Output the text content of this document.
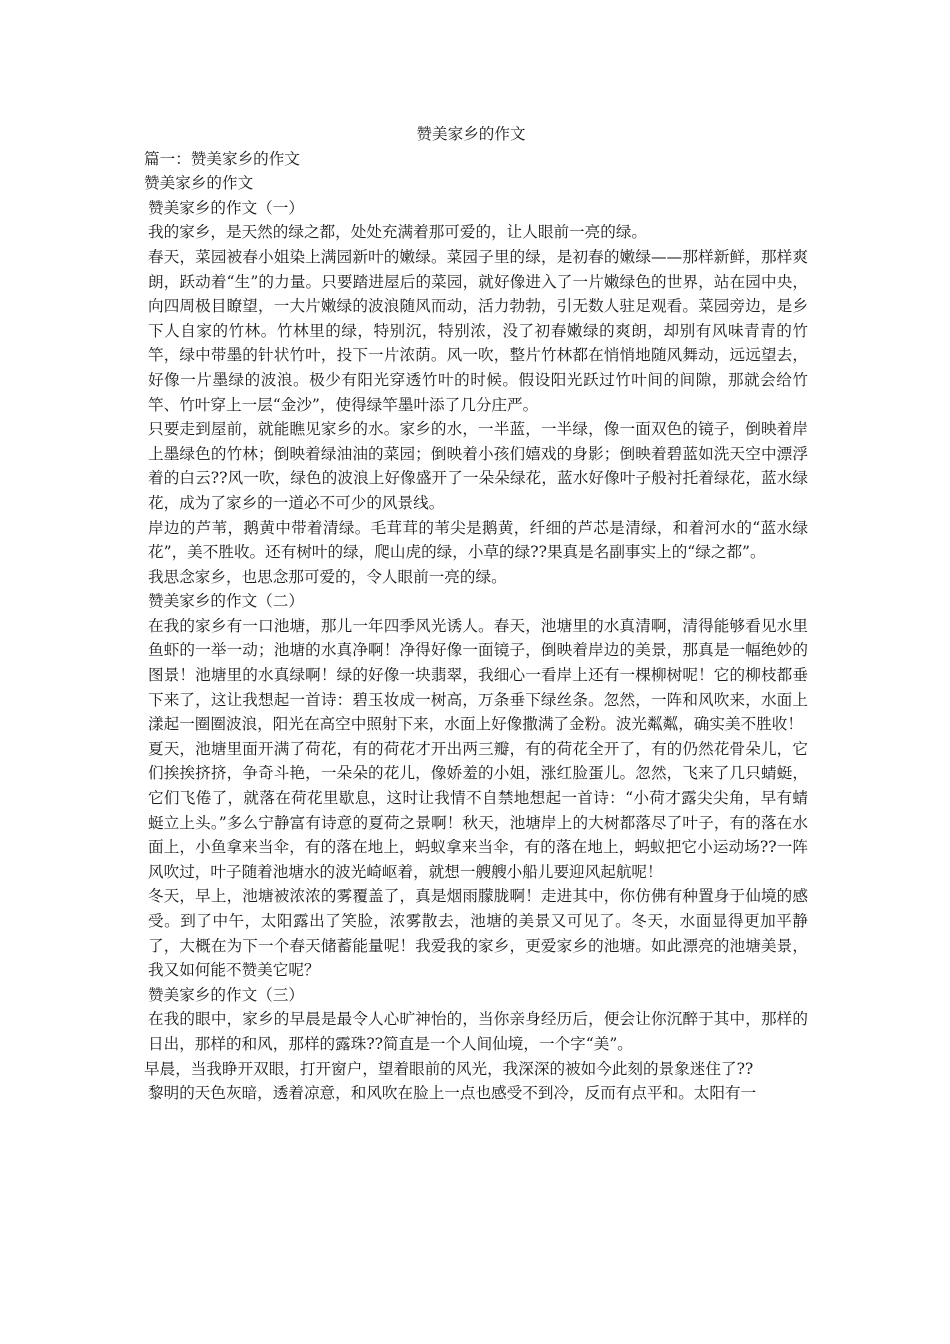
赞美家乡的作文

篇一：赞美家乡的作文

赞美家乡的作文

赞美家乡的作文（一）

我的家乡，是天然的绿之都，处处充满着那可爱的，让人眼前一亮的绿。

春天，菜园被春小姐染上满园新叶的嫩绿。菜园子里的绿，是初春的嫩绿——那样新鲜，那样爽朗，跃动着“生”的力量。只要踏进屋后的菜园，就好像进入了一片嫩绿色的世界，站在园中央，向四周极目瞭望，一大片嫩绿的波浪随风而动，活力勃勃，引无数人驻足观看。菜园旁边，是乡下人自家的竹林。竹林里的绿，特别沉，特别浓，没了初春嫩绿的爽朗，却别有风味青青的竹竿，绿中带墨的针状竹叶，投下一片浓荫。风一吹，整片竹林都在悄悄地随风舞动，远远望去，好像一片墨绿的波浪。极少有阳光穿透竹叶的时候。假设阳光跃过竹叶间的间隙，那就会给竹竿、竹叶穿上一层“金沙”，使得绿竿墨叶添了几分庄严。

只要走到屋前，就能瞧见家乡的水。家乡的水，一半蓝，一半绿，像一面双色的镜子，倒映着岸上墨绿色的竹林；倒映着绿油油的菜园；倒映着小孩们嬉戏的身影；倒映着碧蓝如洗天空中漂浮着的白云??风一吹，绿色的波浪上好像盛开了一朵朵绿花，蓝水好像叶子般衬托着绿花，蓝水绿花，成为了家乡的一道必不可少的风景线。

岸边的芦苇，鹅黄中带着清绿。毛茸茸的苇尖是鹅黄，纤细的芦芯是清绿，和着河水的“蓝水绿花”，美不胜收。还有树叶的绿，爬山虎的绿，小草的绿??果真是名副事实上的“绿之都”。

我思念家乡，也思念那可爱的，令人眼前一亮的绿。

赞美家乡的作文（二）

在我的家乡有一口池塘，那儿一年四季风光诱人。春天，池塘里的水真清啊，清得能够看见水里鱼虾的一举一动；池塘的水真净啊！净得好像一面镜子，倒映着岸边的美景，那真是一幅绝妙的图景！池塘里的水真绿啊！绿的好像一块翡翠，我细心一看岸上还有一棵柳树呢！它的柳枝都垂下来了，这让我想起一首诗：碧玉妆成一树高，万条垂下绿丝条。忽然，一阵和风吹来，水面上漾起一圈圈波浪，阳光在高空中照射下来，水面上好像撒满了金粉。波光粼粼，确实美不胜收！

夏天，池塘里面开满了荷花，有的荷花才开出两三瓣，有的荷花全开了，有的仍然花骨朵儿，它们挨挨挤挤，争奇斗艳，一朵朵的花儿，像娇羞的小姐，涨红脸蛋儿。忽然，飞来了几只蜻蜓，它们飞倦了，就落在荷花里歇息，这时让我情不自禁地想起一首诗：“小荷才露尖尖角，早有蜻蜓立上头。”多么宁静富有诗意的夏荷之景啊！秋天，池塘岸上的大树都落尽了叶子，有的落在水面上，小鱼拿来当伞，有的落在地上，蚂蚁拿来当伞，有的落在地上，蚂蚁把它小运动场??一阵风吹过，叶子随着池塘水的波光崎岖着，就想一艘艘小船儿要迎风起航呢！

冬天，早上，池塘被浓浓的雾覆盖了，真是烟雨朦胧啊！走进其中，你仿佛有种置身于仙境的感受。到了中午，太阳露出了笑脸，浓雾散去，池塘的美景又可见了。冬天，水面显得更加平静了，大概在为下一个春天储蓄能量呢！我爱我的家乡，更爱家乡的池塘。如此漂亮的池塘美景，我又如何能不赞美它呢？

赞美家乡的作文（三）

在我的眼中，家乡的早晨是最令人心旷神怡的，当你亲身经历后，便会让你沉醉于其中，那样的日出，那样的和风，那样的露珠??简直是一个人间仙境，一个字“美”。

早晨，当我睁开双眼，打开窗户，望着眼前的风光，我深深的被如今此刻的景象迷住了??

黎明的天色灰暗，透着凉意，和风吹在脸上一点也感受不到冷，反而有点平和。太阳有一
